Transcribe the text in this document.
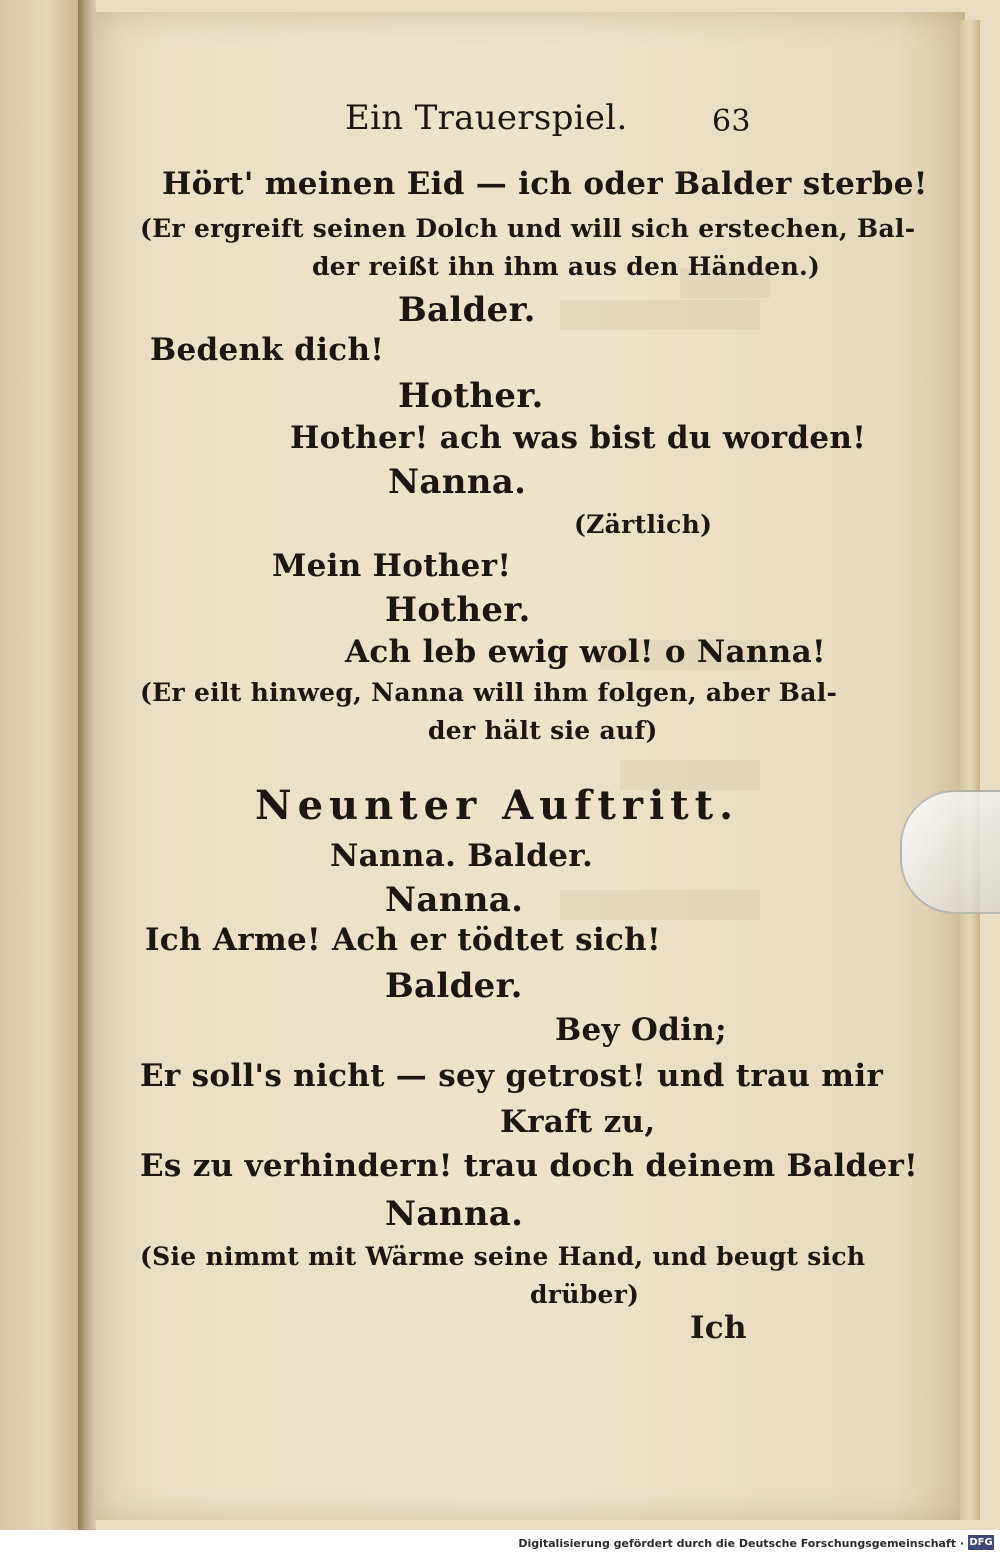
Ein Trauerspiel.	63
Hört' meinen Eid — ich oder Balder sterbe!
(Er ergreift seinen Dolch und will sich erstechen, Bal-
der reißt ihn ihm aus den Händen.)
Balder.
Bedenk dich!
Hother.
Hother! ach was bist du worden!
Nanna.
(Zärtlich)
Mein Hother!
Hother.
Ach leb ewig wol! o Nanna!
(Er eilt hinweg, Nanna will ihm folgen, aber Bal-
der hält sie auf)
Neunter Auftritt.
Nanna. Balder.
Nanna.
Ich Arme! Ach er tödtet sich!
Balder.
Bey Odin;
Er soll's nicht — sey getrost! und trau mir
Kraft zu,
Es zu verhindern! trau doch deinem Balder!
Nanna.
(Sie nimmt mit Wärme seine Hand, und beugt sich
drüber)
Ich
Digitalisierung gefördert durch die Deutsche Forschungsgemeinschaft · DFG
